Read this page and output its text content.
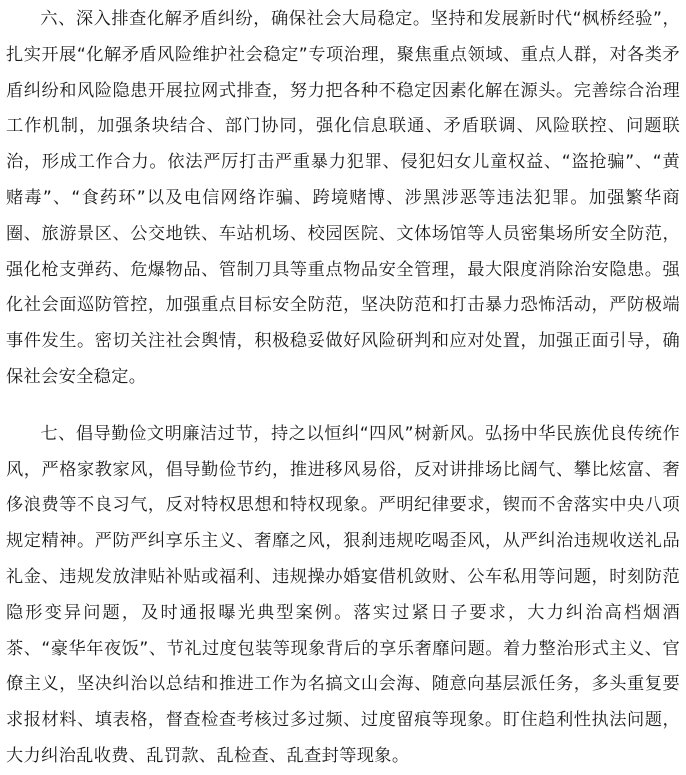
六、深入排查化解矛盾纠纷，确保社会大局稳定。坚持和发展新时代“枫桥经验”，扎实开展“化解矛盾风险维护社会稳定”专项治理，聚焦重点领域、重点人群，对各类矛盾纠纷和风险隐患开展拉网式排查，努力把各种不稳定因素化解在源头。完善综合治理工作机制，加强条块结合、部门协同，强化信息联通、矛盾联调、风险联控、问题联治，形成工作合力。依法严厉打击严重暴力犯罪、侵犯妇女儿童权益、“盗抢骗”、“黄赌毒”、“食药环”以及电信网络诈骗、跨境赌博、涉黑涉恶等违法犯罪。加强繁华商圈、旅游景区、公交地铁、车站机场、校园医院、文体场馆等人员密集场所安全防范，强化枪支弹药、危爆物品、管制刀具等重点物品安全管理，最大限度消除治安隐患。强化社会面巡防管控，加强重点目标安全防范，坚决防范和打击暴力恐怖活动，严防极端事件发生。密切关注社会舆情，积极稳妥做好风险研判和应对处置，加强正面引导，确保社会安全稳定。

七、倡导勤俭文明廉洁过节，持之以恒纠“四风”树新风。弘扬中华民族优良传统作风，严格家教家风，倡导勤俭节约，推进移风易俗，反对讲排场比阔气、攀比炫富、奢侈浪费等不良习气，反对特权思想和特权现象。严明纪律要求，锲而不舍落实中央八项规定精神。严防严纠享乐主义、奢靡之风，狠刹违规吃喝歪风，从严纠治违规收送礼品礼金、违规发放津贴补贴或福利、违规操办婚宴借机敛财、公车私用等问题，时刻防范隐形变异问题，及时通报曝光典型案例。落实过紧日子要求，大力纠治高档烟酒茶、“豪华年夜饭”、节礼过度包装等现象背后的享乐奢靡问题。着力整治形式主义、官僚主义，坚决纠治以总结和推进工作为名搞文山会海、随意向基层派任务，多头重复要求报材料、填表格，督查检查考核过多过频、过度留痕等现象。盯住趋利性执法问题，大力纠治乱收费、乱罚款、乱检查、乱查封等现象。
